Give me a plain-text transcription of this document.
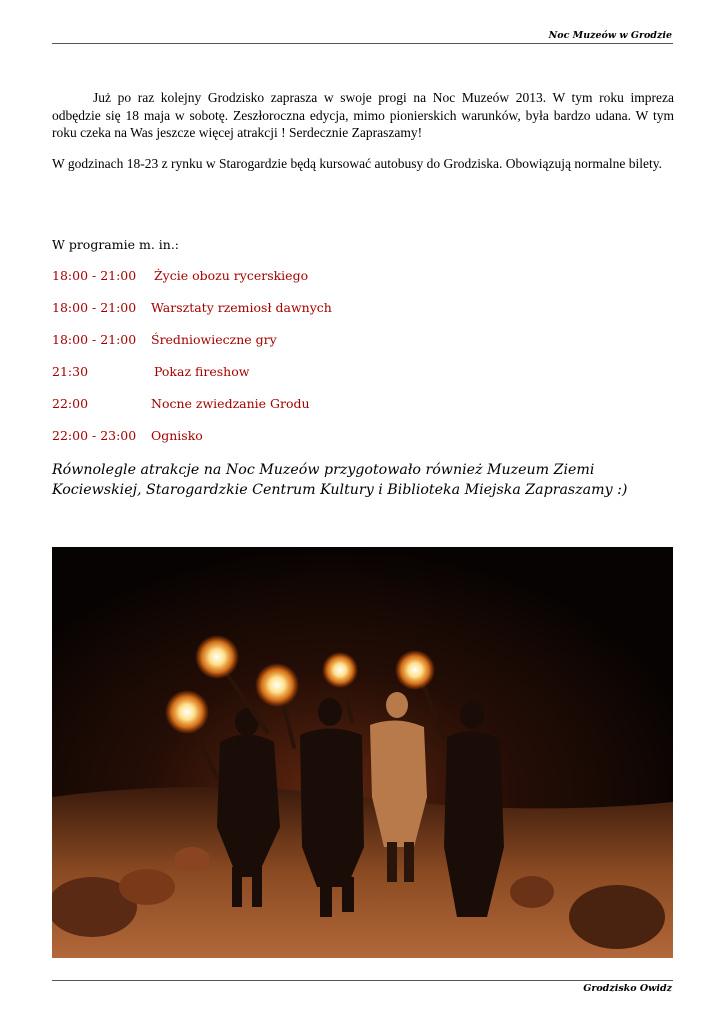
Noc Muzeów w Grodzie

Już po raz kolejny Grodzisko zaprasza w swoje progi na Noc Muzeów 2013. W tym roku impreza odbędzie się 18 maja w sobotę. Zeszłoroczna edycja, mimo pionierskich warunków, była bardzo udana. W tym roku czeka na Was jeszcze więcej atrakcji ! Serdecznie Zapraszamy!

W godzinach 18-23 z rynku w Starogardzie będą kursować autobusy do Grodziska. Obowiązują normalne bilety.

W programie m. in.:
18:00 - 21:00 Życie obozu rycerskiego
18:00 - 21:00 Warsztaty rzemiosł dawnych
18:00 - 21:00 Średniowieczne gry
21:30	Pokaz fireshow
22:00	Nocne zwiedzanie Grodu
22:00 - 23:00 Ognisko

Równolegle atrakcje na Noc Muzeów przygotowało również Muzeum Ziemi Kociewskiej, Starogardzkie Centrum Kultury i Biblioteka Miejska Zapraszamy :)

Grodzisko Owidz
